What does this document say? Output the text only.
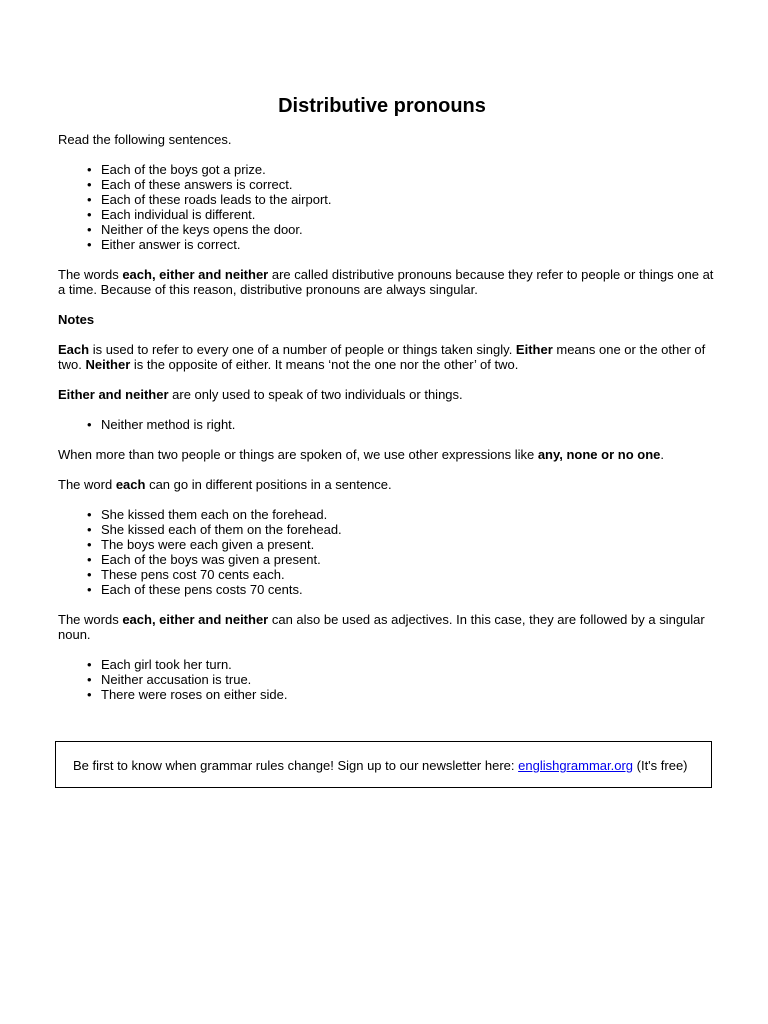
Distributive pronouns

Read the following sentences.

• Each of the boys got a prize.
• Each of these answers is correct.
• Each of these roads leads to the airport.
• Each individual is different.
• Neither of the keys opens the door.
• Either answer is correct.

The words each, either and neither are called distributive pronouns because they refer to people or things one at a time. Because of this reason, distributive pronouns are always singular.

Notes

Each is used to refer to every one of a number of people or things taken singly. Either means one or the other of two. Neither is the opposite of either. It means ‘not the one nor the other’ of two.

Either and neither are only used to speak of two individuals or things.

• Neither method is right.

When more than two people or things are spoken of, we use other expressions like any, none or no one.

The word each can go in different positions in a sentence.

• She kissed them each on the forehead.
• She kissed each of them on the forehead.
• The boys were each given a present.
• Each of the boys was given a present.
• These pens cost 70 cents each.
• Each of these pens costs 70 cents.

The words each, either and neither can also be used as adjectives. In this case, they are followed by a singular noun.

• Each girl took her turn.
• Neither accusation is true.
• There were roses on either side.
Be first to know when grammar rules change! Sign up to our newsletter here: englishgrammar.org (It's free)
